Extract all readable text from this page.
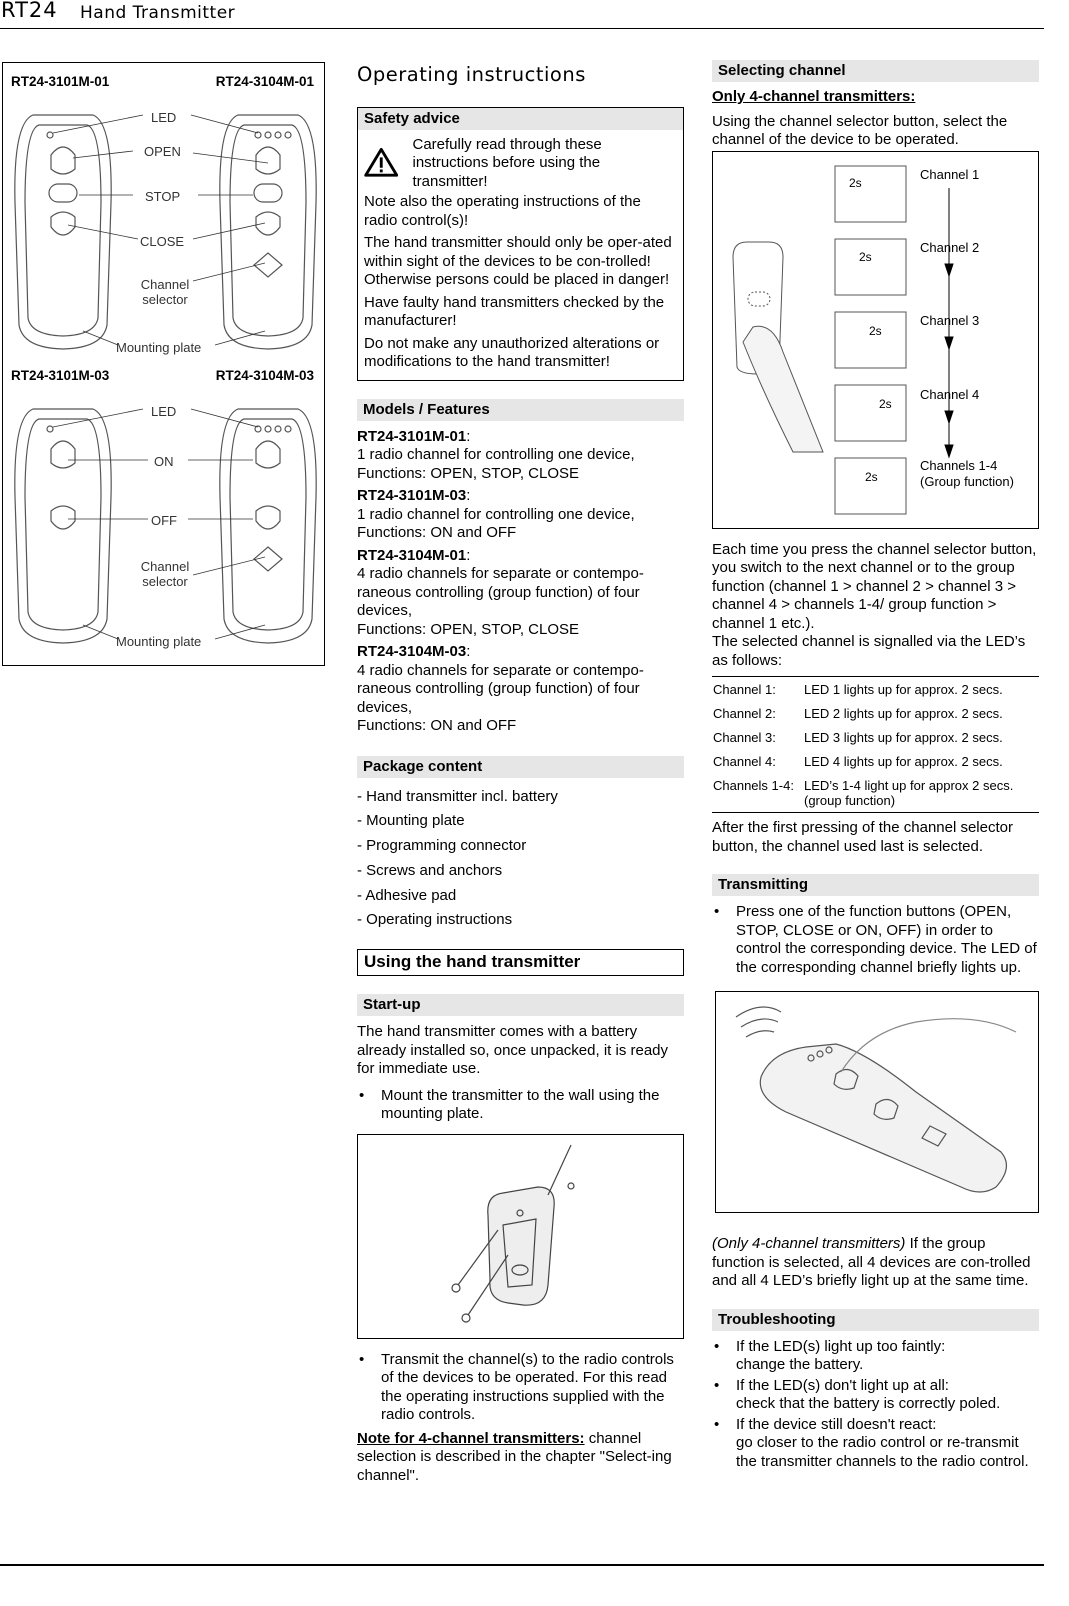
RT24 Hand Transmitter
RT24-3101M-01	RT24-3104M-01
RT24-3101M-03	RT24-3104M-03
LED
OPEN
STOP
CLOSE
Channel selector
Mounting plate
LED
ON
OFF
Channel selector
Mounting plate
Operating instructions
Safety advice
Carefully read through these instructions before using the transmitter!

Note also the operating instructions of the radio control(s)!

The hand transmitter should only be oper-ated within sight of the devices to be con-trolled! Otherwise persons could be placed in danger!

Have faulty hand transmitters checked by the manufacturer!

Do not make any unauthorized alterations or modifications to the hand transmitter!

Models / Features
RT24-3101M-01:
1 radio channel for controlling one device,
Functions: OPEN, STOP, CLOSE
RT24-3101M-03:
1 radio channel for controlling one device,
Functions: ON and OFF
RT24-3104M-01:
4 radio channels for separate or contempo-raneous controlling (group function) of four devices,
Functions: OPEN, STOP, CLOSE
RT24-3104M-03:
4 radio channels for separate or contempo-raneous controlling (group function) of four devices,
Functions: ON and OFF
Package content
- Hand transmitter incl. battery
- Mounting plate
- Programming connector
- Screws and anchors
- Adhesive pad
- Operating instructions
Using the hand transmitter
Start-up

The hand transmitter comes with a battery already installed so, once unpacked, it is ready for immediate use.

•	Mount the transmitter to the wall using the mounting plate.
•	Transmit the channel(s) to the radio controls of the devices to be operated. For this read the operating instructions supplied with the radio controls.

Note for 4-channel transmitters: channel selection is described in the chapter "Select-ing channel".

Selecting channel

Only 4-channel transmitters:

Using the channel selector button, select the channel of the device to be operated.

2s
2s
2s
2s
2s
Channel 1
Channel 2
Channel 3
Channel 4
Channels 1-4
(Group function)

Each time you press the channel selector button, you switch to the next channel or to the group function (channel 1 > channel 2 > channel 3 > channel 4 > channels 1-4/ group function > channel 1 etc.).

The selected channel is signalled via the LED’s as follows:

Channel 1:	LED 1 lights up for approx. 2 secs.
Channel 2:	LED 2 lights up for approx. 2 secs.
Channel 3:	LED 3 lights up for approx. 2 secs.
Channel 4:	LED 4 lights up for approx. 2 secs.
Channels 1-4:	LED’s 1-4 light up for approx 2 secs. (group function)

After the first pressing of the channel selector button, the channel used last is selected.

Transmitting
•	Press one of the function buttons (OPEN, STOP, CLOSE or ON, OFF) in order to control the corresponding device. The LED of the corresponding channel briefly lights up.

(Only 4-channel transmitters) If the group function is selected, all 4 devices are con-trolled and all 4 LED’s briefly light up at the same time.

Troubleshooting
•	If the LED(s) light up too faintly:
change the battery.
•	If the LED(s) don't light up at all:
check that the battery is correctly poled.
•	If the device still doesn't react:
go closer to the radio control or re-transmit the transmitter channels to the radio control.
